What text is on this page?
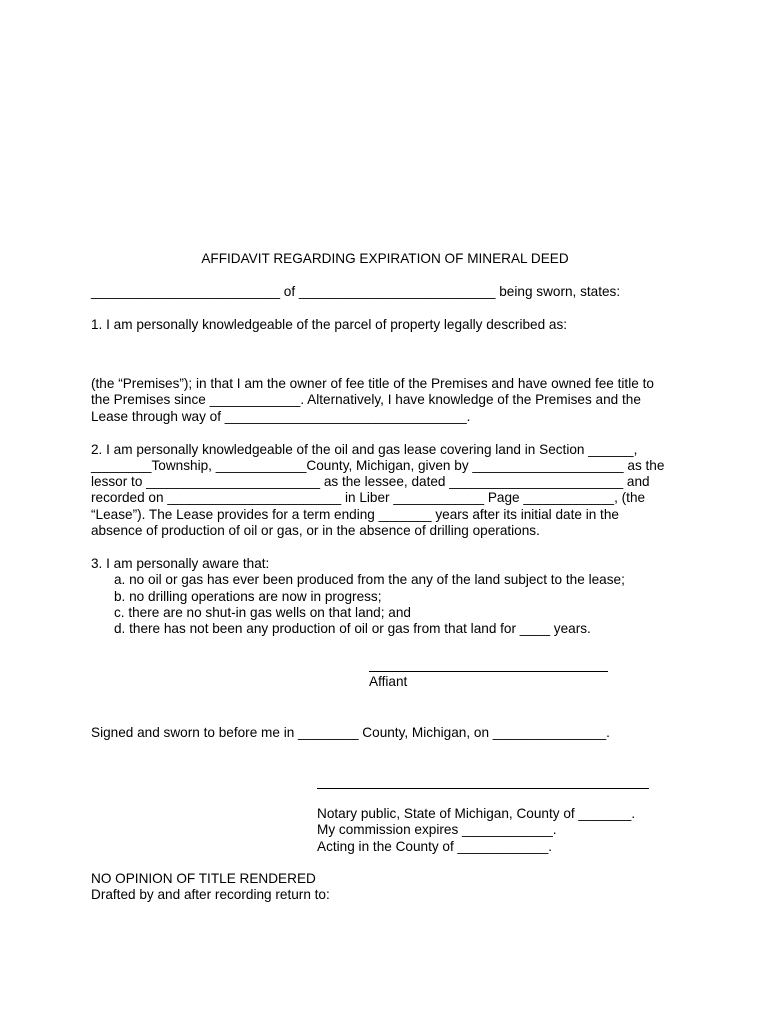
AFFIDAVIT REGARDING EXPIRATION OF MINERAL DEED
_________________________ of __________________________ being sworn, states:
1. I am personally knowledgeable of the parcel of property legally described as:
(the “Premises”); in that I am the owner of fee title of the Premises and have owned fee title to
the Premises since ____________. Alternatively, I have knowledge of the Premises and the
Lease through way of ________________________________.
2. I am personally knowledgeable of the oil and gas lease covering land in Section ______,
________Township, ____________County, Michigan, given by ____________________ as the
lessor to _______________________ as the lessee, dated _______________________ and
recorded on _______________________ in Liber ____________ Page ____________, (the
“Lease”). The Lease provides for a term ending _______ years after its initial date in the
absence of production of oil or gas, or in the absence of drilling operations.
3. I am personally aware that:
a. no oil or gas has ever been produced from the any of the land subject to the lease;
b. no drilling operations are now in progress;
c. there are no shut-in gas wells on that land; and
d. there has not been any production of oil or gas from that land for ____ years.
Affiant
Signed and sworn to before me in ________ County, Michigan, on _______________.
Notary public, State of Michigan, County of _______.
My commission expires ____________.
Acting in the County of ____________.
NO OPINION OF TITLE RENDERED
Drafted by and after recording return to:
